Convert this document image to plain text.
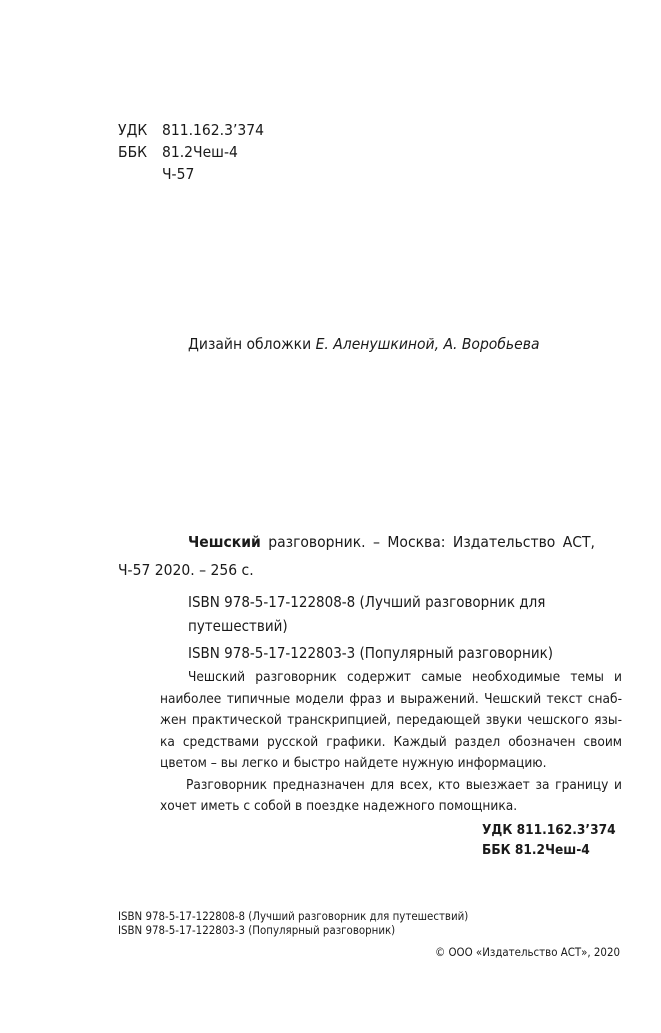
УДК 811.162.3’374
ББК 81.2Чеш-4
Ч-57
Дизайн обложки Е. Аленушкиной, А. Воробьева
Чешский разговорник. – Москва: Издательство АСТ,
Ч-57 2020. – 256 с.
ISBN 978-5-17-122808-8 (Лучший разговорник для
путешествий)
ISBN 978-5-17-122803-3 (Популярный разговорник)

Чешский разговорник содержит самые необходимые темы и наиболее типичные модели фраз и выражений. Чешский текст снаб-жен практической транскрипцией, передающей звуки чешского язы-ка средствами русской графики. Каждый раздел обозначен своим цветом – вы легко и быстро найдете нужную информацию.

Разговорник предназначен для всех, кто выезжает за границу и хочет иметь с собой в поездке надежного помощника.

УДК 811.162.3’374
ББК 81.2Чеш-4
ISBN 978-5-17-122808-8 (Лучший разговорник для путешествий)
ISBN 978-5-17-122803-3 (Популярный разговорник)
© ООО «Издательство АСТ», 2020
